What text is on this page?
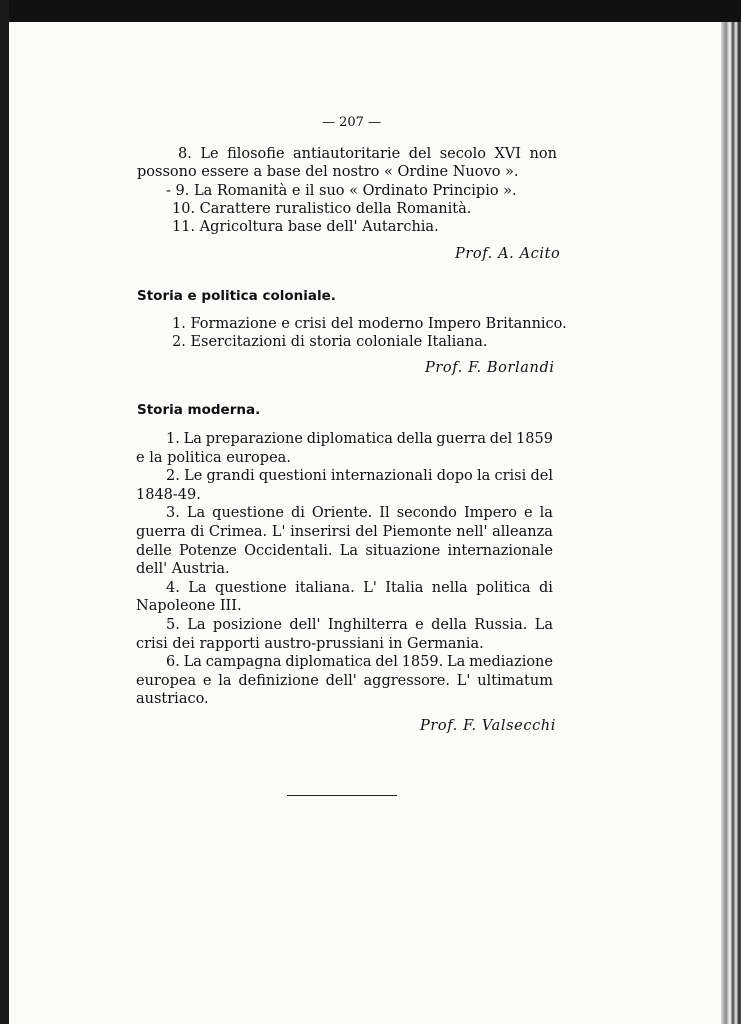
— 207 —
8. Le filosofie antiautoritarie del secolo XVI non
possono essere a base del nostro « Ordine Nuovo ».
- 9. La Romanità e il suo « Ordinato Principio ».
10. Carattere ruralistico della Romanità.
11. Agricoltura base dell' Autarchia.
Prof. A. Acito
Storia e politica coloniale.
1. Formazione e crisi del moderno Impero Britannico.
2. Esercitazioni di storia coloniale Italiana.
Prof. F. Borlandi
Storia moderna.
1. La preparazione diplomatica della guerra del 1859
e la politica europea.
2. Le grandi questioni internazionali dopo la crisi del
1848-49.
3. La questione di Oriente. Il secondo Impero e la
guerra di Crimea. L' inserirsi del Piemonte nell' alleanza
delle Potenze Occidentali. La situazione internazionale
dell' Austria.
4. La questione italiana. L' Italia nella politica di
Napoleone III.
5. La posizione dell' Inghilterra e della Russia. La
crisi dei rapporti austro-prussiani in Germania.
6. La campagna diplomatica del 1859. La mediazione
europea e la definizione dell' aggressore. L' ultimatum
austriaco.
Prof. F. Valsecchi
